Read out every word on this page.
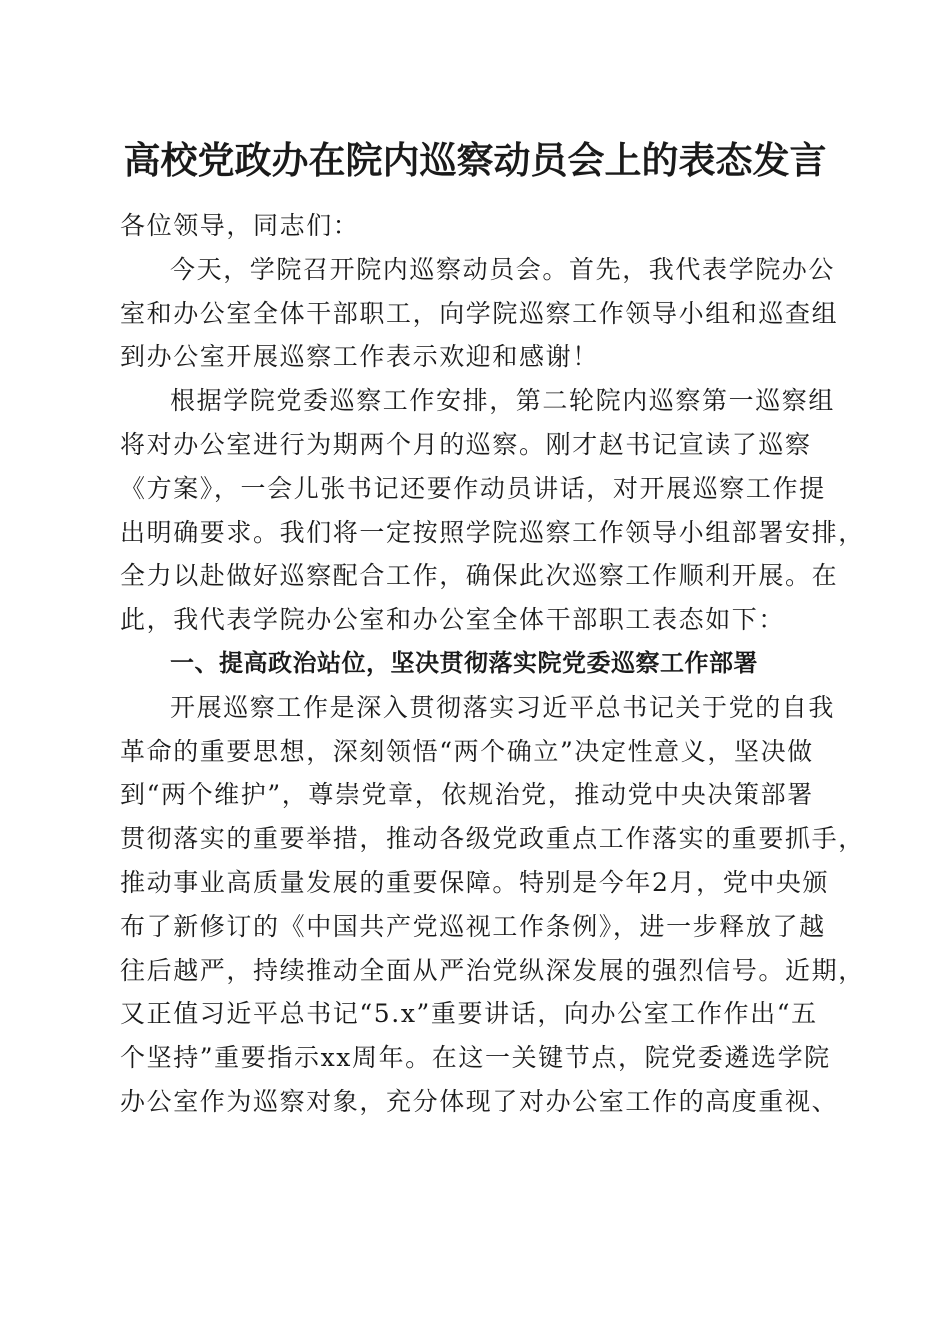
高校党政办在院内巡察动员会上的表态发言
各位领导，同志们：
今天，学院召开院内巡察动员会。首先，我代表学院办公
室和办公室全体干部职工，向学院巡察工作领导小组和巡查组
到办公室开展巡察工作表示欢迎和感谢！
根据学院党委巡察工作安排，第二轮院内巡察第一巡察组
将对办公室进行为期两个月的巡察。刚才赵书记宣读了巡察
《方案》，一会儿张书记还要作动员讲话，对开展巡察工作提
出明确要求。我们将一定按照学院巡察工作领导小组部署安排，
全力以赴做好巡察配合工作，确保此次巡察工作顺利开展。在
此，我代表学院办公室和办公室全体干部职工表态如下：
一、提高政治站位，坚决贯彻落实院党委巡察工作部署
开展巡察工作是深入贯彻落实习近平总书记关于党的自我
革命的重要思想，深刻领悟“两个确立”决定性意义，坚决做
到“两个维护”，尊崇党章，依规治党，推动党中央决策部署
贯彻落实的重要举措，推动各级党政重点工作落实的重要抓手，
推动事业高质量发展的重要保障。特别是今年2月，党中央颁
布了新修订的《中国共产党巡视工作条例》，进一步释放了越
往后越严，持续推动全面从严治党纵深发展的强烈信号。近期，
又正值习近平总书记“5.x”重要讲话，向办公室工作作出“五
个坚持”重要指示xx周年。在这一关键节点，院党委遴选学院
办公室作为巡察对象，充分体现了对办公室工作的高度重视、
